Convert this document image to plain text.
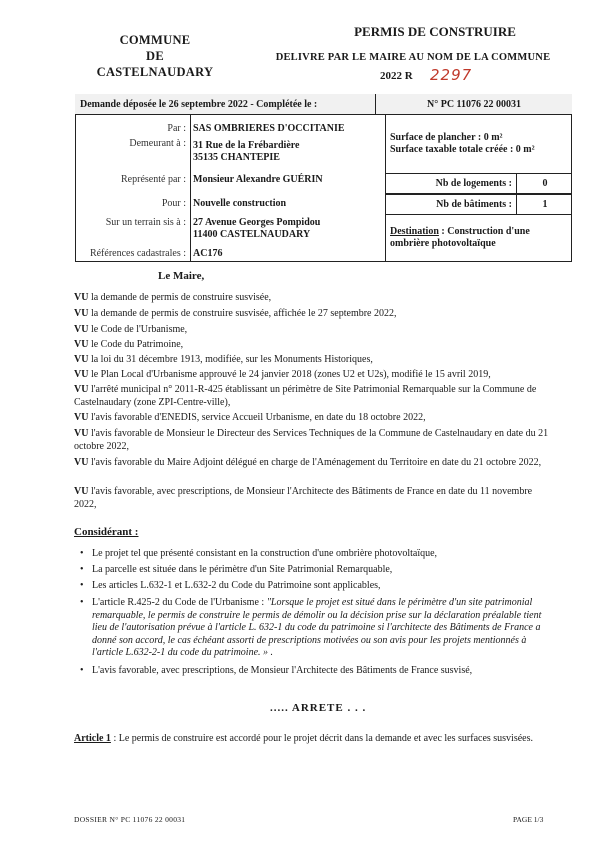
COMMUNE
DE
CASTELNAUDARY
PERMIS DE CONSTRUIRE
DELIVRE PAR LE MAIRE AU NOM DE LA COMMUNE
2022 R 2297
Demande déposée le 26 septembre 2022 - Complétée le :	N° PC 11076 22 00031
Par : SAS OMBRIERES D'OCCITANIE
Demeurant à : 31 Rue de la Frébardière
35135 CHANTEPIE
Représenté par : Monsieur Alexandre GUÉRIN
Pour : Nouvelle construction
Sur un terrain sis à : 27 Avenue Georges Pompidou
11400 CASTELNAUDARY
Références cadastrales : AC176
Surface de plancher : 0 m²
Surface taxable totale créée : 0 m²
Nb de logements :	0
Nb de bâtiments :	1
Destination : Construction d'une ombrière photovoltaïque
Le Maire,
VU la demande de permis de construire susvisée,
VU la demande de permis de construire susvisée, affichée le 27 septembre 2022,
VU le Code de l'Urbanisme,
VU le Code du Patrimoine,
VU la loi du 31 décembre 1913, modifiée, sur les Monuments Historiques,
VU le Plan Local d'Urbanisme approuvé le 24 janvier 2018 (zones U2 et U2s), modifié le 15 avril 2019,
VU l'arrêté municipal n° 2011-R-425 établissant un périmètre de Site Patrimonial Remarquable sur la Commune de Castelnaudary (zone ZPI-Centre-ville),
VU l'avis favorable d'ENEDIS, service Accueil Urbanisme, en date du 18 octobre 2022,
VU l'avis favorable de Monsieur le Directeur des Services Techniques de la Commune de Castelnaudary en date du 21 octobre 2022,
VU l'avis favorable du Maire Adjoint délégué en charge de l'Aménagement du Territoire en date du 21 octobre 2022,
VU l'avis favorable, avec prescriptions, de Monsieur l'Architecte des Bâtiments de France en date du 11 novembre 2022,
Considérant :
• Le projet tel que présenté consistant en la construction d'une ombrière photovoltaïque,
• La parcelle est située dans le périmètre d'un Site Patrimonial Remarquable,
• Les articles L.632-1 et L.632-2 du Code du Patrimoine sont applicables,
• L'article R.425-2 du Code de l'Urbanisme : "Lorsque le projet est situé dans le périmètre d'un site patrimonial remarquable, le permis de construire le permis de démolir ou la décision prise sur la déclaration préalable tient lieu de l'autorisation prévue à l'article L. 632-1 du code du patrimoine si l'architecte des Bâtiments de France a donné son accord, le cas échéant assorti de prescriptions motivées ou son avis pour les projets mentionnés à l'article L.632-2-1 du code du patrimoine. » .
• L'avis favorable, avec prescriptions, de Monsieur l'Architecte des Bâtiments de France susvisé,
..... ARRETE . . .
Article 1 : Le permis de construire est accordé pour le projet décrit dans la demande et avec les surfaces susvisées.
DOSSIER N° PC 11076 22 00031	PAGE 1/3
